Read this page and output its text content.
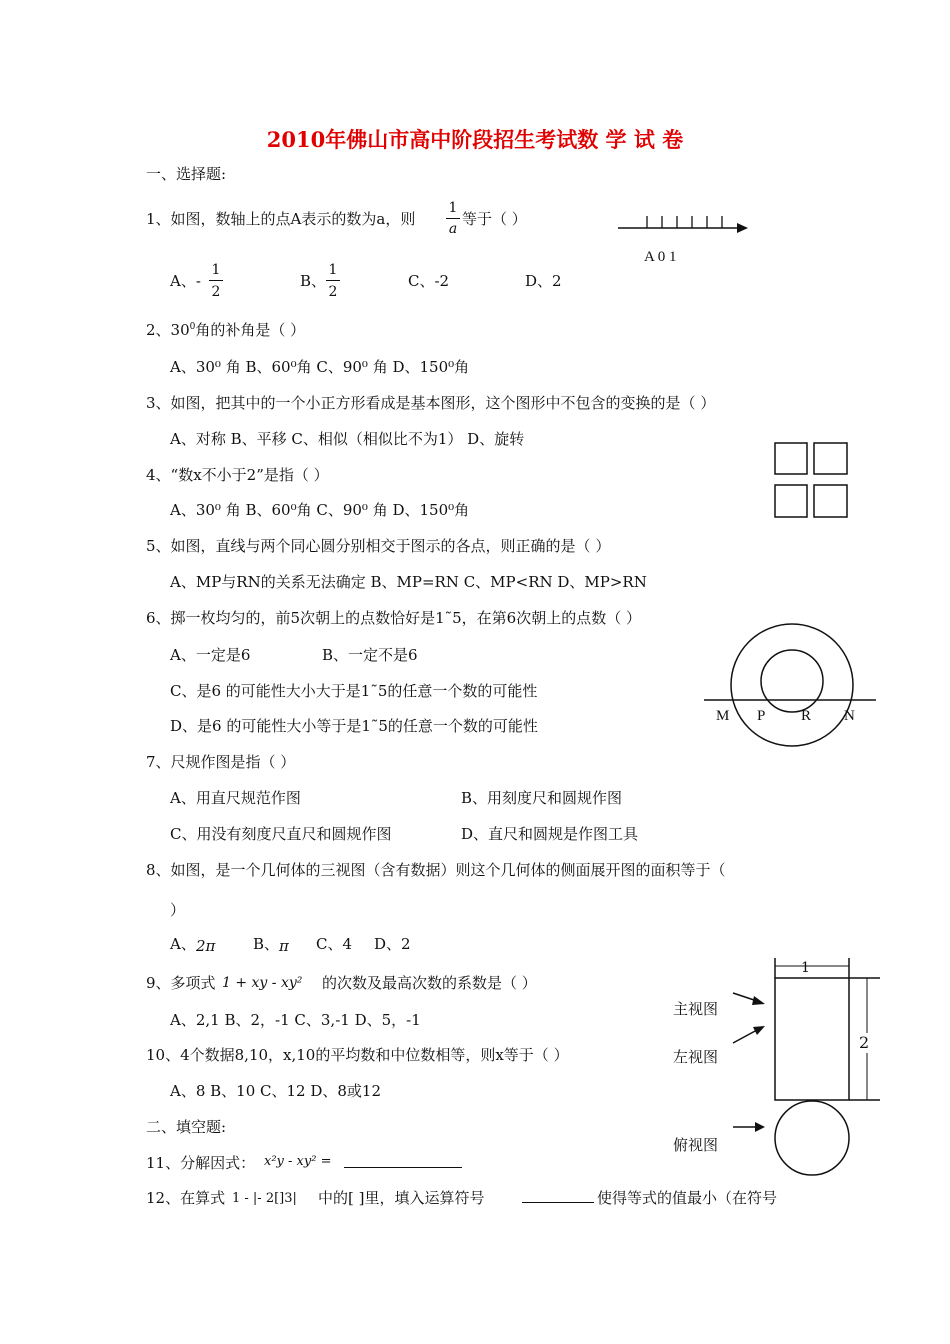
2010年佛山市高中阶段招生考试数 学 试 卷
一、选择题:
1、如图，数轴上的点A表示的数为a，则
1
a
等于（ ）
A、-
1
2
B、
1
2
C、-2	D、2
A 0 1
2、$30^0$角的补角是（ ）
A、30⁰ 角 B、60⁰角 C、90⁰ 角 D、150⁰角
3、如图，把其中的一个小正方形看成是基本图形，这个图形中不包含的变换的是（ ）
A、对称 B、平移 C、相似（相似比不为1） D、旋转
4、“数x不小于2”是指（ ）
A、30⁰ 角 B、60⁰角 C、90⁰ 角 D、150⁰角
5、如图，直线与两个同心圆分别相交于图示的各点，则正确的是（ ）
A、MP与RN的关系无法确定 B、MP=RN C、MP<RN D、MP>RN
6、掷一枚均匀的，前5次朝上的点数恰好是1˜5，在第6次朝上的点数（ ）
A、一定是6	B、一定不是6
C、是6 的可能性大小大于是1˜5的任意一个数的可能性
D、是6 的可能性大小等于是1˜5的任意一个数的可能性
M P R N
7、尺规作图是指（ ）
A、用直尺规范作图	B、用刻度尺和圆规作图
C、用没有刻度尺直尺和圆规作图	D、直尺和圆规是作图工具
8、如图，是一个几何体的三视图（含有数据）则这个几何体的侧面展开图的面积等于（
）
A、 2π	B、 π C、4 D、2
主视图
左视图
俯视图
1
2
9、多项式 1 + xy - xy² 的次数及最高次数的系数是（ ）
A、2,1 B、2，-1 C、3,-1 D、5，-1
10、4个数据8,10，x,10的平均数和中位数相等，则x等于（ ）
A、8 B、10 C、12 D、8或12
二、填空题:
11、分解因式： x²y - xy² =
12、在算式 1 - |- 2[]3| 中的[ ]里，填入运算符号	使得等式的值最小（在符号
